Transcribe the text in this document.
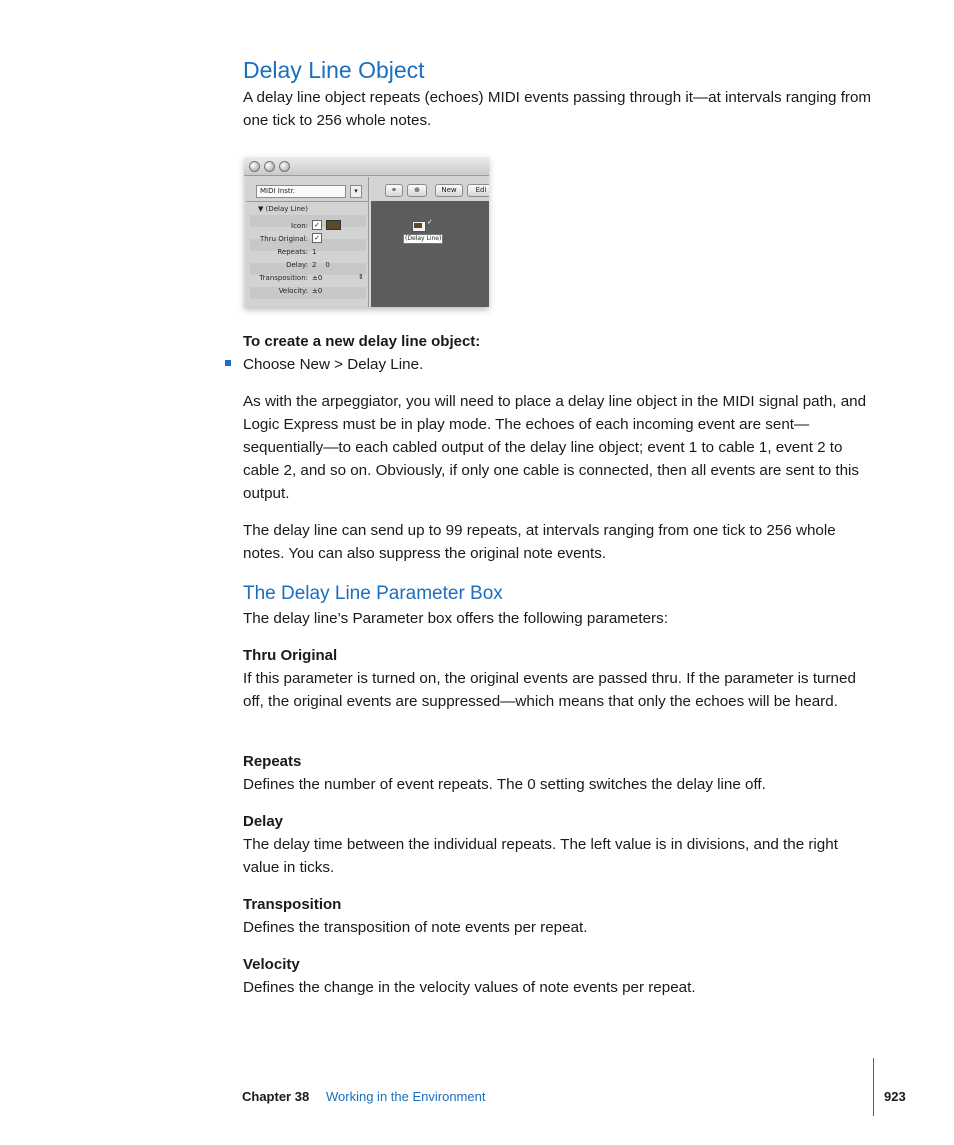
Delay Line Object
A delay line object repeats (echoes) MIDI events passing through it—at intervals ranging from one tick to 256 whole notes.
MIDI Instr.	▾
▼ (Delay Line)
Icon: ✓
Thru Original: ✓
Repeats: 1
Delay: 2    0
Transposition: ±0	⇕
Velocity: ±0
⚭	⊕	New	Edi
✓
(Delay Line)
To create a new delay line object:
Choose New > Delay Line.
As with the arpeggiator, you will need to place a delay line object in the MIDI signal path, and Logic Express must be in play mode. The echoes of each incoming event are sent—sequentially—to each cabled output of the delay line object; event 1 to cable 1, event 2 to cable 2, and so on. Obviously, if only one cable is connected, then all events are sent to this output.
The delay line can send up to 99 repeats, at intervals ranging from one tick to 256 whole notes. You can also suppress the original note events.
The Delay Line Parameter Box
The delay line’s Parameter box offers the following parameters:
Thru Original
If this parameter is turned on, the original events are passed thru. If the parameter is turned off, the original events are suppressed—which means that only the echoes will be heard.
Repeats
Defines the number of event repeats. The 0 setting switches the delay line off.
Delay
The delay time between the individual repeats. The left value is in divisions, and the right value in ticks.
Transposition
Defines the transposition of note events per repeat.
Velocity
Defines the change in the velocity values of note events per repeat.
Chapter 38 Working in the Environment	923
